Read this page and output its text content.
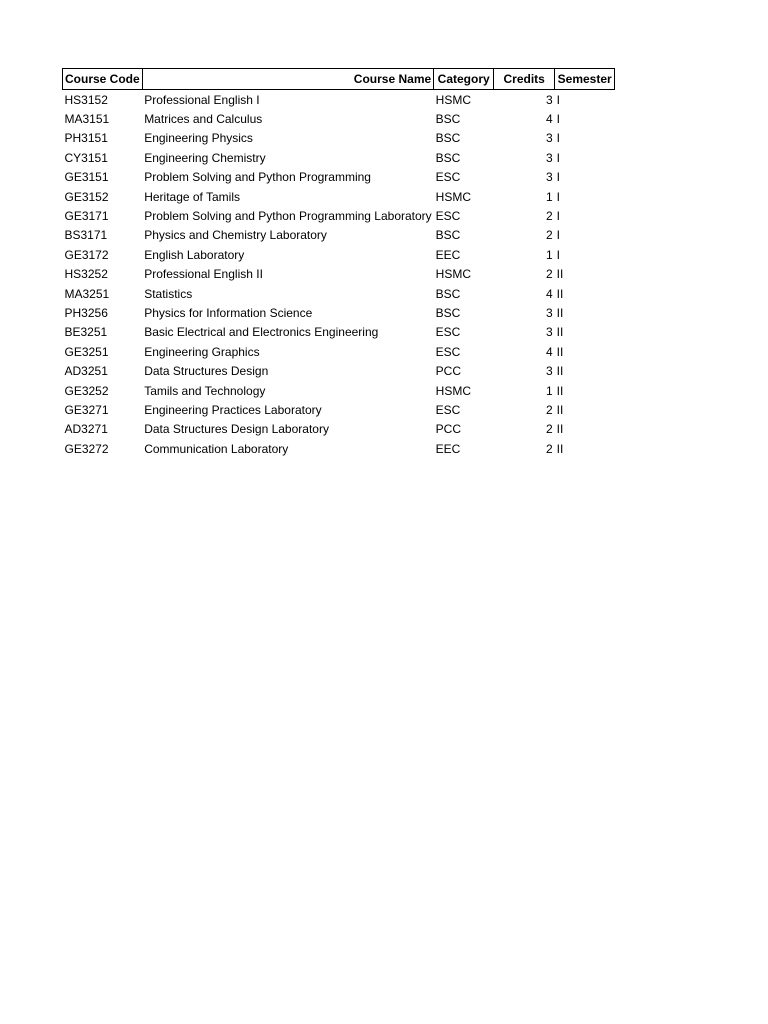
Course Code	Course Name	Category	Credits	Semester
HS3152	Professional English I	HSMC	3	I
MA3151	Matrices and Calculus	BSC	4	I
PH3151	Engineering Physics	BSC	3	I
CY3151	Engineering Chemistry	BSC	3	I
GE3151	Problem Solving and Python Programming	ESC	3	I
GE3152	Heritage of Tamils	HSMC	1	I
GE3171	Problem Solving and Python Programming Laboratory	ESC	2	I
BS3171	Physics and Chemistry Laboratory	BSC	2	I
GE3172	English Laboratory	EEC	1	I
HS3252	Professional English II	HSMC	2	II
MA3251	Statistics	BSC	4	II
PH3256	Physics for Information Science	BSC	3	II
BE3251	Basic Electrical and Electronics Engineering	ESC	3	II
GE3251	Engineering Graphics	ESC	4	II
AD3251	Data Structures Design	PCC	3	II
GE3252	Tamils and Technology	HSMC	1	II
GE3271	Engineering Practices Laboratory	ESC	2	II
AD3271	Data Structures Design Laboratory	PCC	2	II
GE3272	Communication Laboratory	EEC	2	II
